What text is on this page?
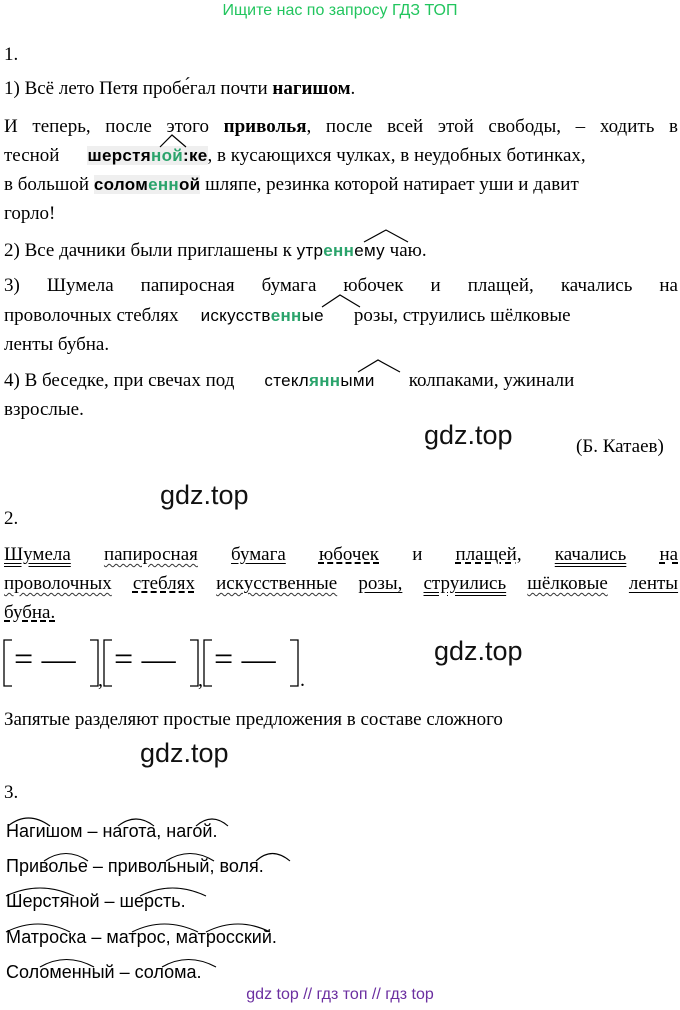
Ищите нас по запросу ГДЗ ТОП
1.
1) Всё лето Петя пробе́гал почти нагишом.
И теперь, после этого приволья, после всей этой свободы, – ходить в
тесной шерстяной:ке, в кусающихся чулках, в неудобных ботинках,
в большой соломенной шляпе, резинка которой натирает уши и давит
горло!
2) Все дачники были приглашены к утреннему чаю.
3) Шумела папиросная бумага юбочек и плащей, качались на
проволочных стеблях искусственные розы, струились шёлковые
ленты бубна.
4) В беседке, при свечах под стеклянными колпаками, ужинали
взрослые.
(Б. Катаев)
gdz.top
gdz.top
gdz.top
gdz.top
2.
Шумела папиросная бумага юбочек и плащей, качались на
проволочных стеблях искусственные розы, струились шёлковые ленты
бубна.
= — = — = —
,	,	.
Запятые разделяют простые предложения в составе сложного
3.
Нагишом – нагота, нагой.
Приволье – привольный, воля.
Шерстяной – шерсть.
Матроска – матрос, матросский.
Соломенный – солома.
gdz top // гдз топ // гдз top
